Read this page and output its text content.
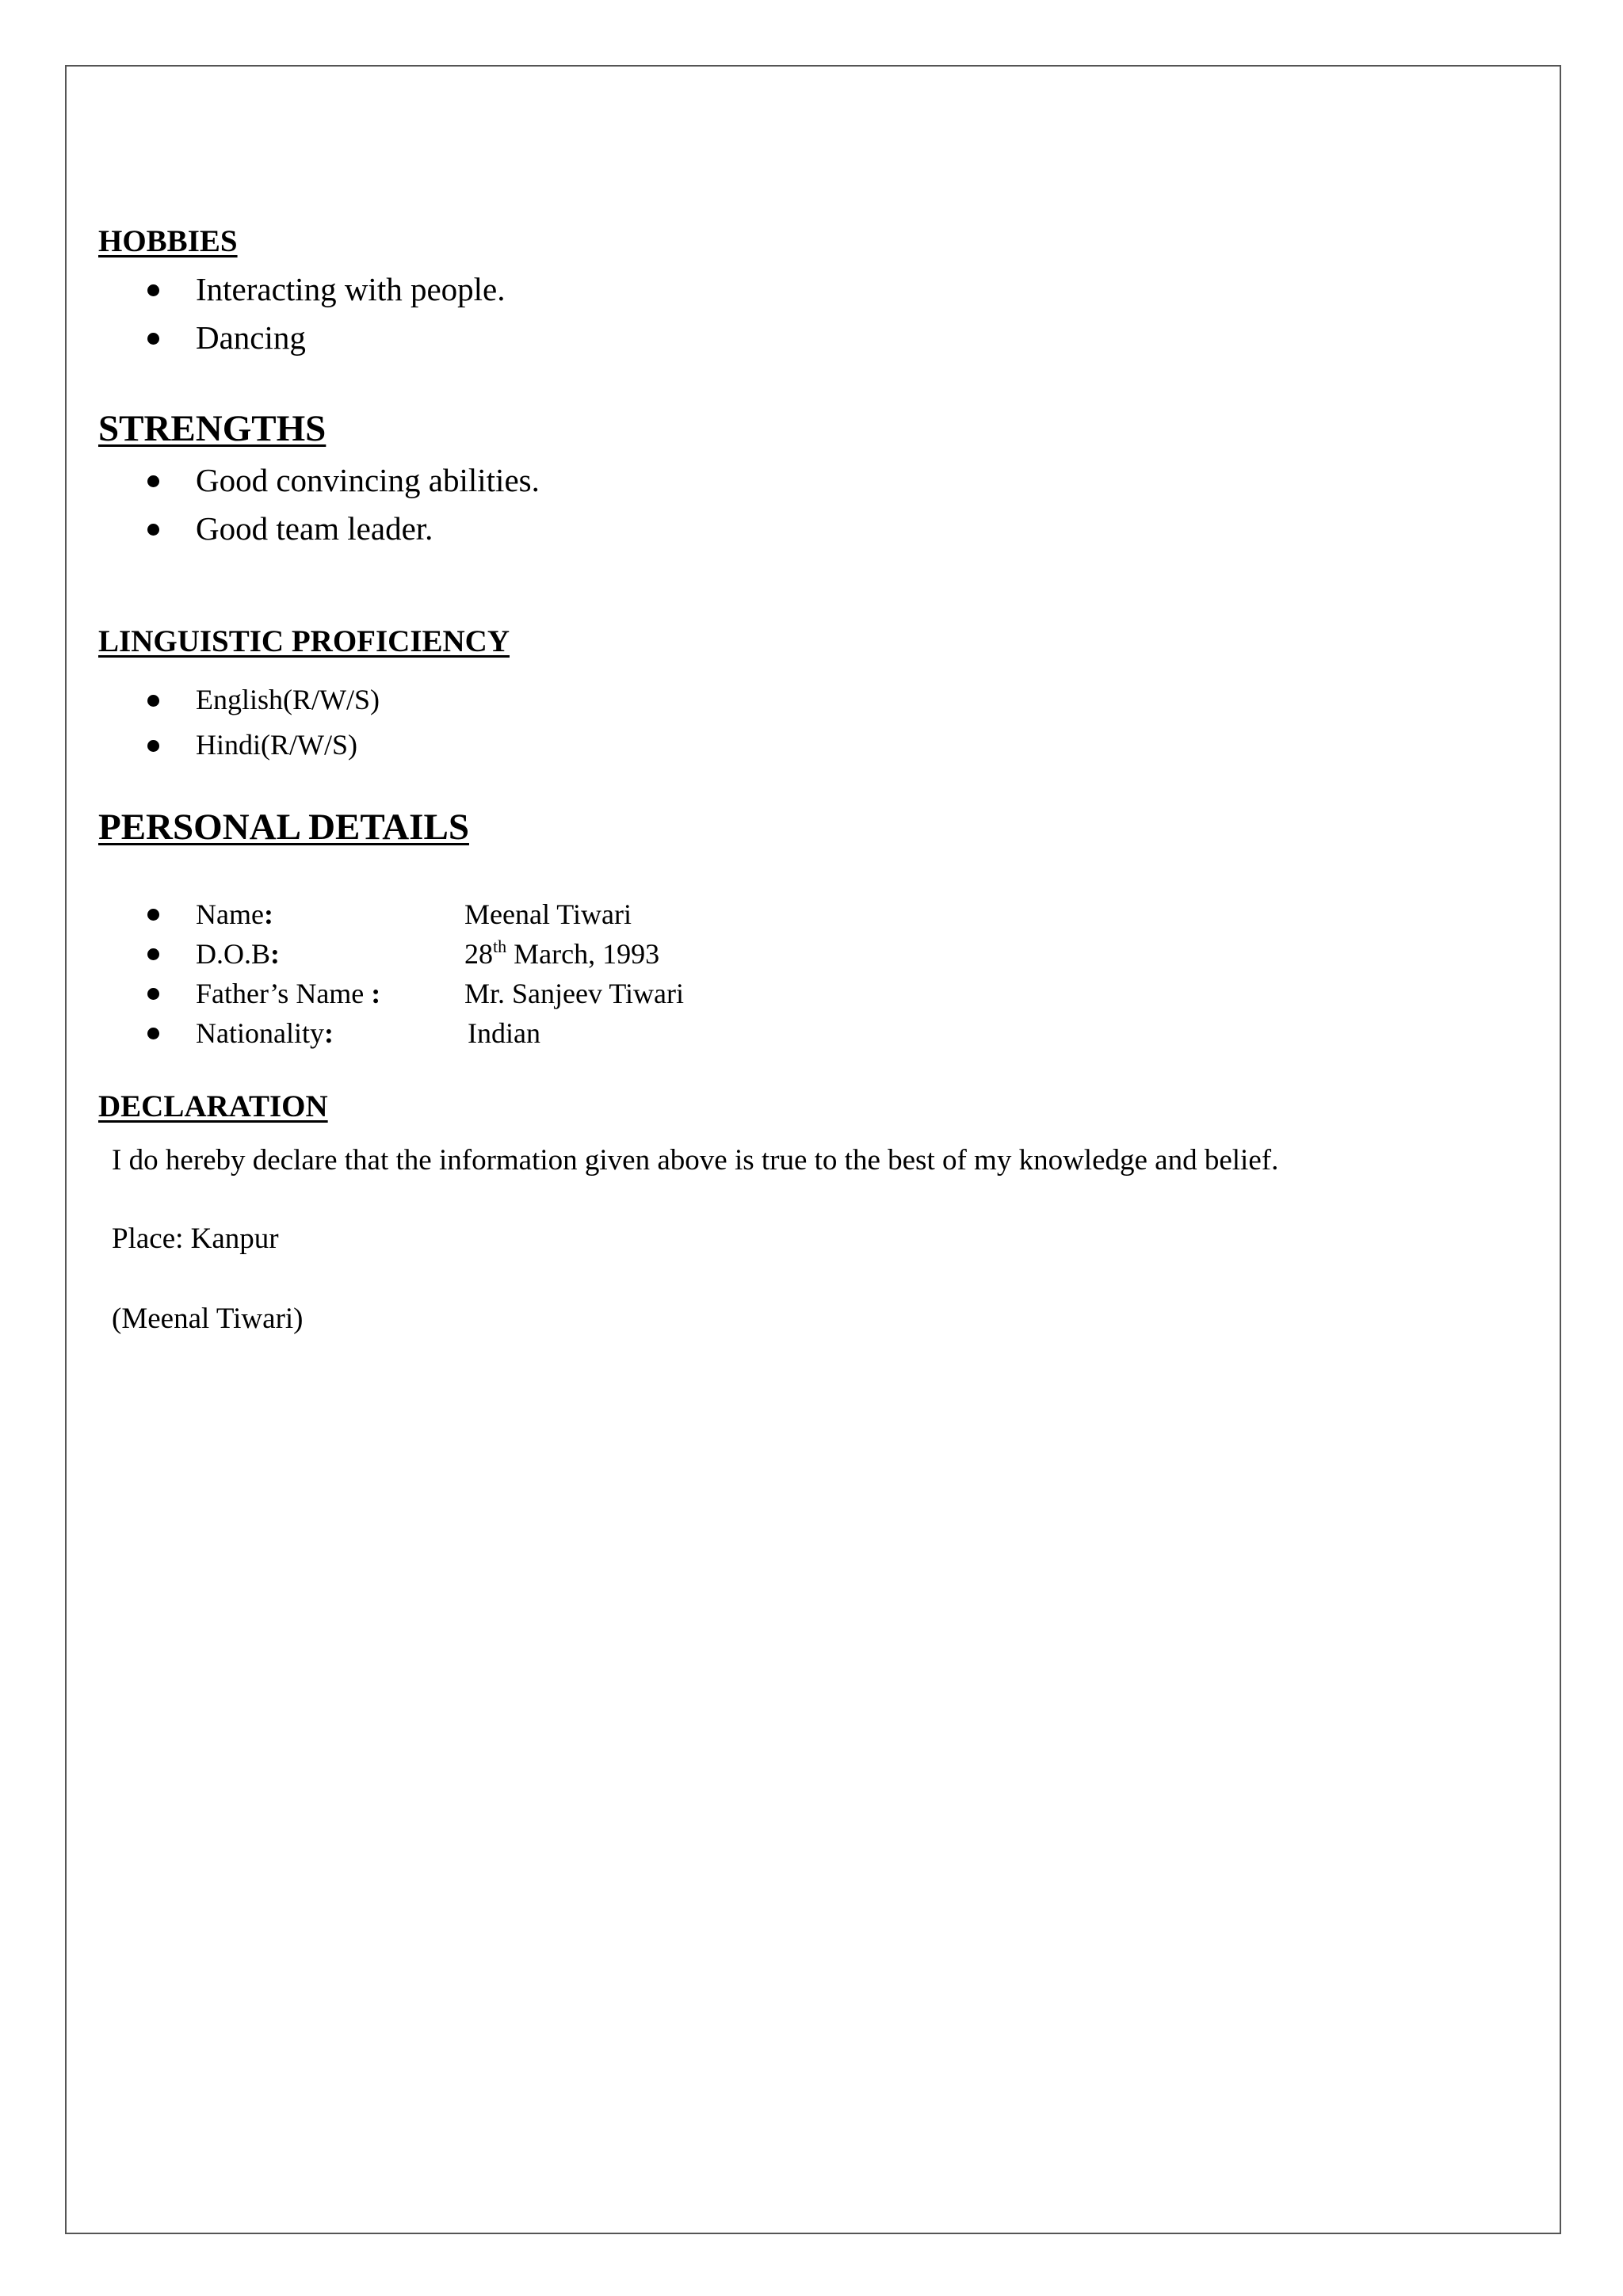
HOBBIES
Interacting with people.
Dancing
STRENGTHS
Good convincing abilities.
Good team leader.
LINGUISTIC PROFICIENCY
English(R/W/S)
Hindi(R/W/S)
PERSONAL DETAILS
Name:	Meenal Tiwari
D.O.B:	28th March, 1993
Father’s Name :	Mr. Sanjeev Tiwari
Nationality:	Indian
DECLARATION

I do hereby declare that the information given above is true to the best of my knowledge and belief.

Place: Kanpur

(Meenal Tiwari)
